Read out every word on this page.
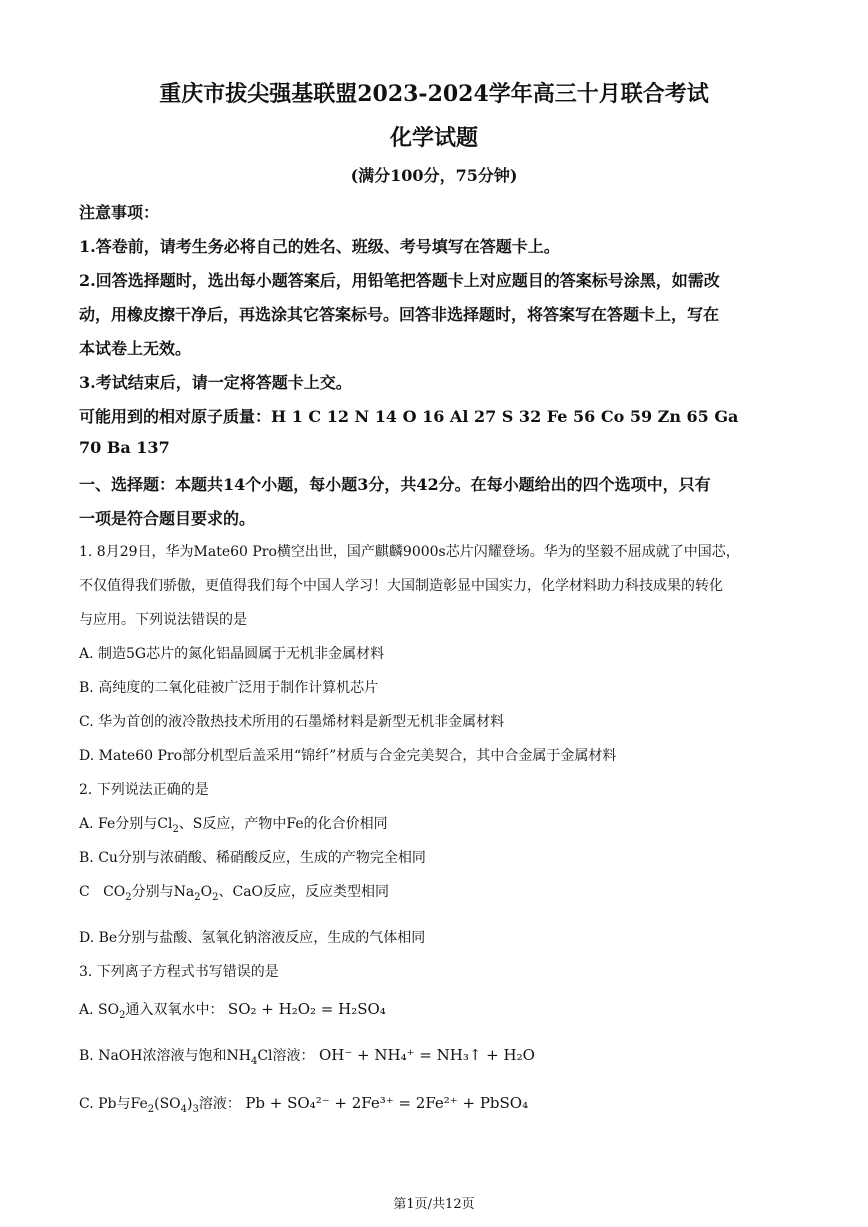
重庆市拔尖强基联盟2023-2024学年高三十月联合考试
化学试题
(满分100分，75分钟)
注意事项：
1.答卷前，请考生务必将自己的姓名、班级、考号填写在答题卡上。
2.回答选择题时，选出每小题答案后，用铅笔把答题卡上对应题目的答案标号涂黑，如需改
动，用橡皮擦干净后，再选涂其它答案标号。回答非选择题时，将答案写在答题卡上，写在
本试卷上无效。
3.考试结束后，请一定将答题卡上交。
可能用到的相对原子质量：H 1 C 12 N 14 O 16 Al 27 S 32 Fe 56 Co 59 Zn 65 Ga
70 Ba 137
一、选择题：本题共14个小题，每小题3分，共42分。在每小题给出的四个选项中，只有
一项是符合题目要求的。
1. 8月29日，华为Mate60 Pro横空出世，国产麒麟9000s芯片闪耀登场。华为的坚毅不屈成就了中国芯，
不仅值得我们骄傲，更值得我们每个中国人学习！大国制造彰显中国实力，化学材料助力科技成果的转化
与应用。下列说法错误的是
A. 制造5G芯片的氮化铝晶圆属于无机非金属材料
B. 高纯度的二氧化硅被广泛用于制作计算机芯片
C. 华为首创的液冷散热技术所用的石墨烯材料是新型无机非金属材料
D. Mate60 Pro部分机型后盖采用“锦纤”材质与合金完美契合，其中合金属于金属材料
2. 下列说法正确的是
A. Fe分别与$Cl_2$、S反应，产物中Fe的化合价相同
B. Cu分别与浓硝酸、稀硝酸反应，生成的产物完全相同
C $CO_2$分别与$Na_2O_2$、CaO反应，反应类型相同
D. Be分别与盐酸、氢氧化钠溶液反应，生成的气体相同
3. 下列离子方程式书写错误的是
A. $SO_2$通入双氧水中： SO₂ + H₂O₂ = H₂SO₄
B. NaOH浓溶液与饱和$NH_4Cl$溶液： OH⁻ + NH₄⁺ = NH₃↑ + H₂O
C. Pb与$Fe_2(SO_4)_3$溶液： Pb + SO₄²⁻ + 2Fe³⁺ = 2Fe²⁺ + PbSO₄
第1页/共12页
